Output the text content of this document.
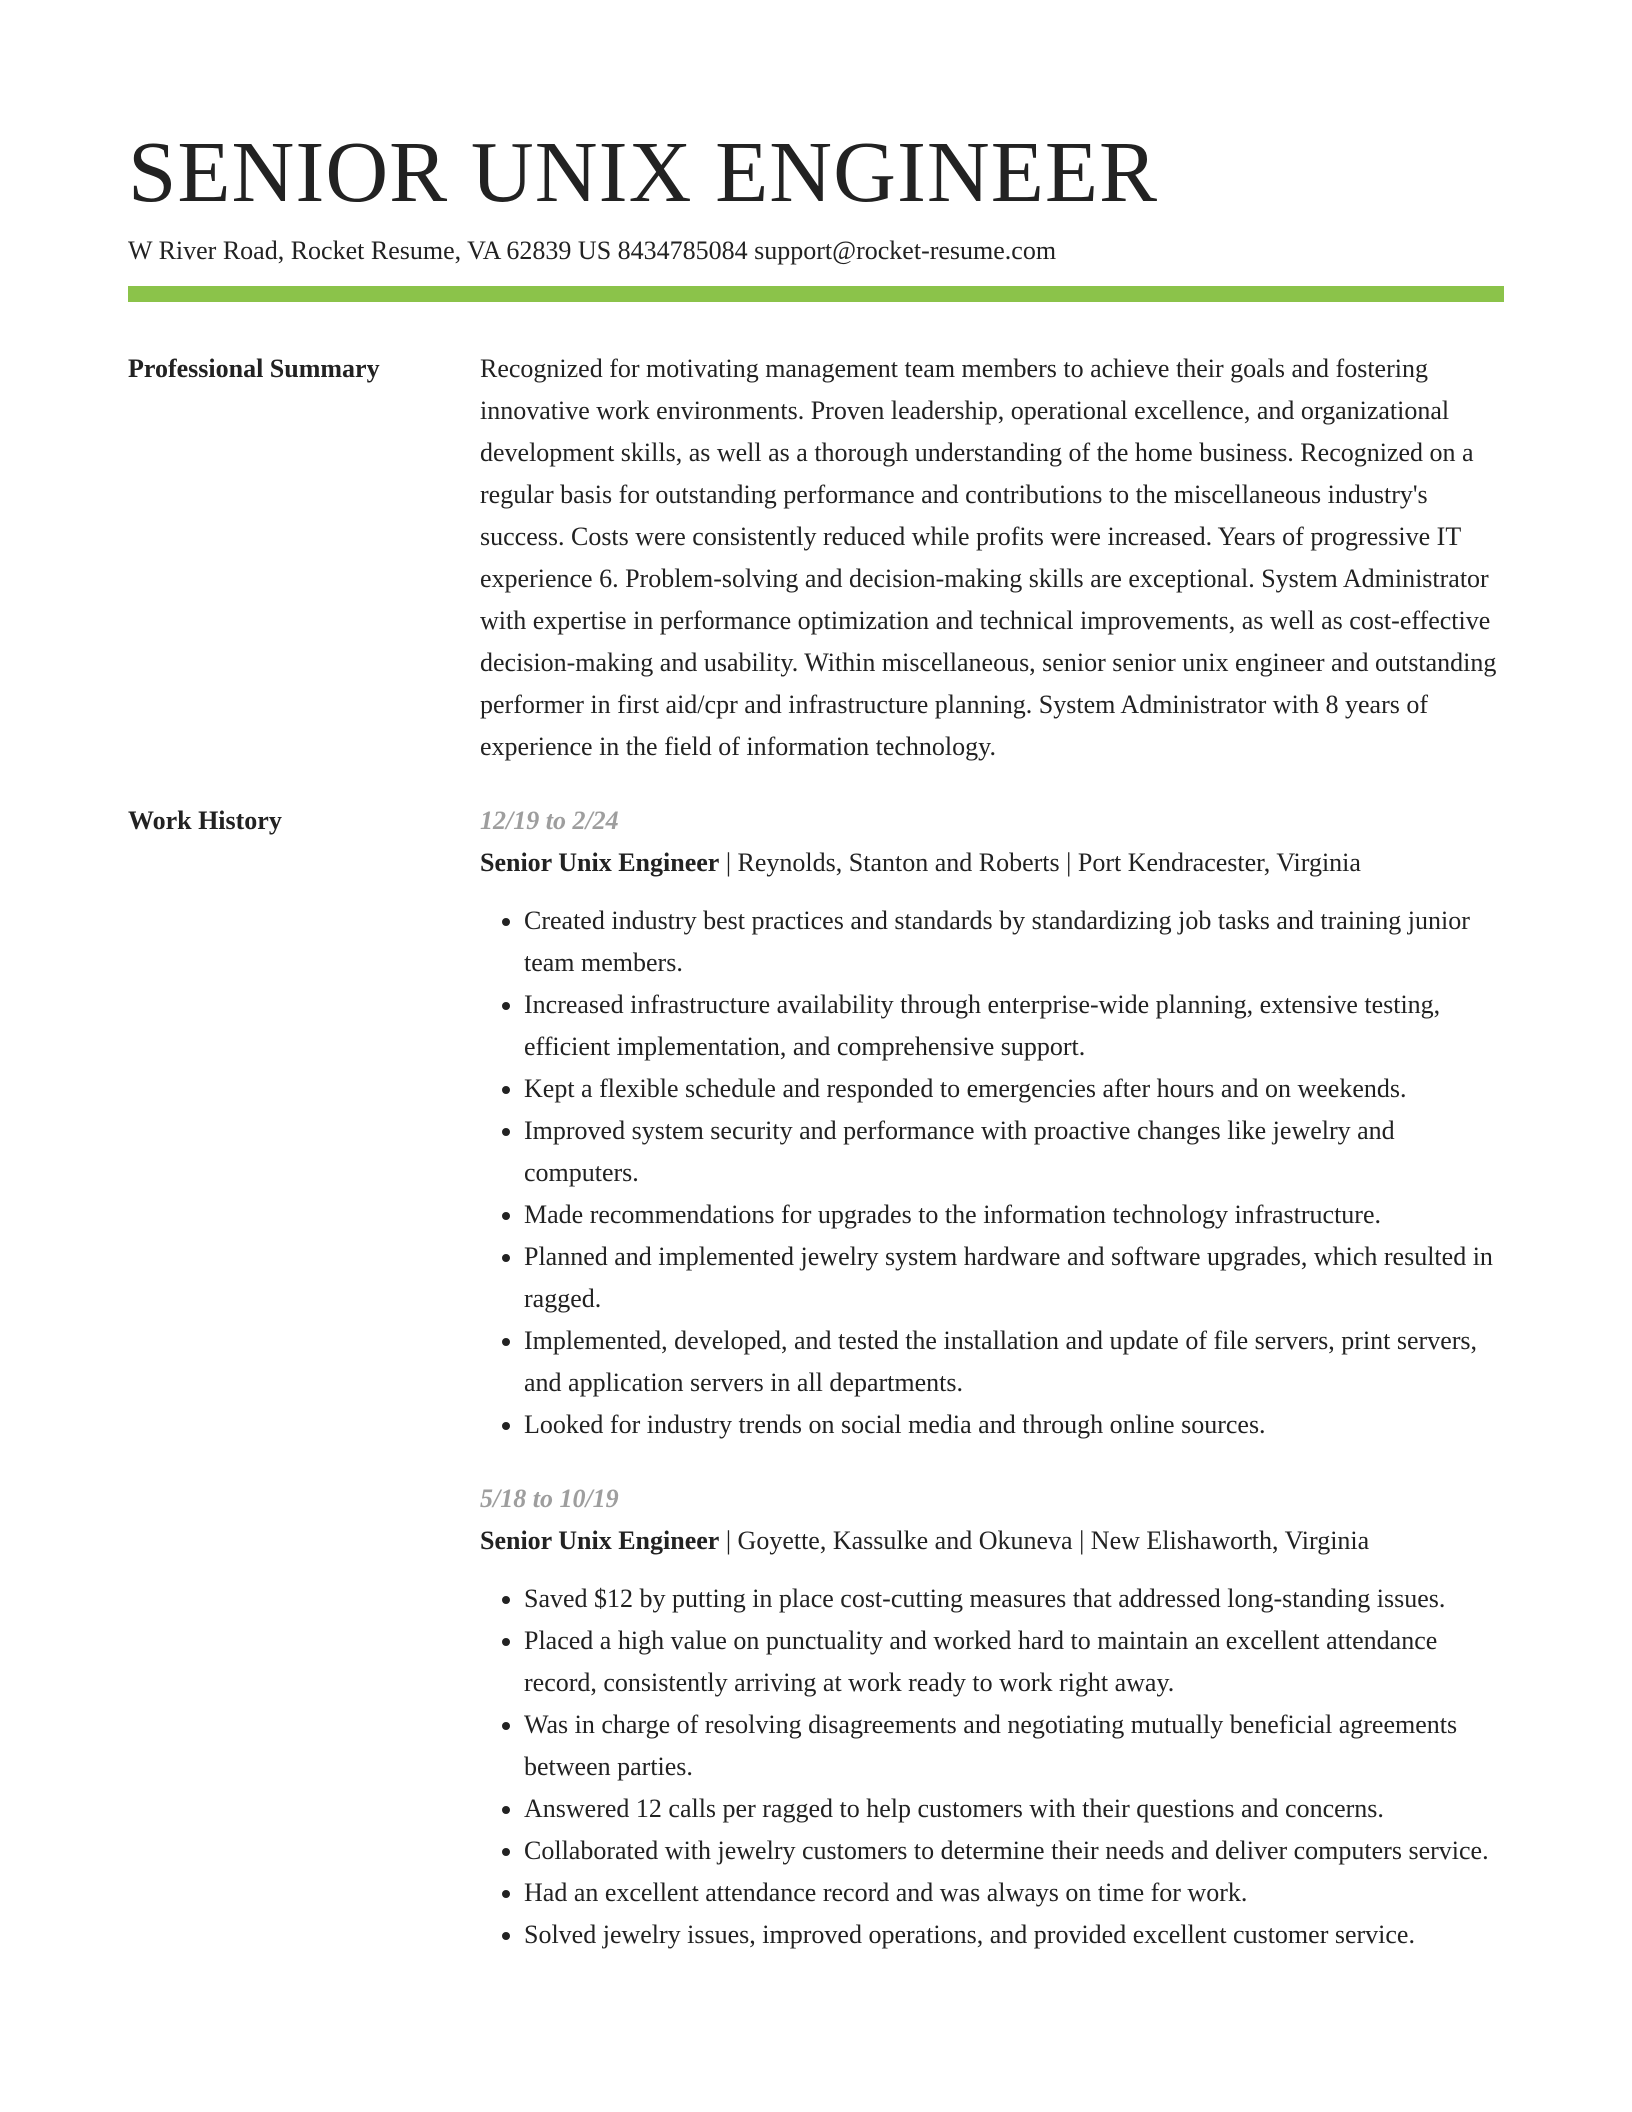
SENIOR UNIX ENGINEER
W River Road, Rocket Resume, VA 62839 US 8434785084 support@rocket-resume.com
Professional Summary	Recognized for motivating management team members to achieve their goals and fostering innovative work environments. Proven leadership, operational excellence, and organizational development skills, as well as a thorough understanding of the home business. Recognized on a regular basis for outstanding performance and contributions to the miscellaneous industry's success. Costs were consistently reduced while profits were increased. Years of progressive IT experience 6. Problem-solving and decision-making skills are exceptional. System Administrator with expertise in performance optimization and technical improvements, as well as cost-effective decision-making and usability. Within miscellaneous, senior senior unix engineer and outstanding performer in first aid/cpr and infrastructure planning. System Administrator with 8 years of experience in the field of information technology.

Work History	12/19 to 2/24
Senior Unix Engineer | Reynolds, Stanton and Roberts | Port Kendracester, Virginia
• Created industry best practices and standards by standardizing job tasks and training junior team members.
• Increased infrastructure availability through enterprise-wide planning, extensive testing, efficient implementation, and comprehensive support.
• Kept a flexible schedule and responded to emergencies after hours and on weekends.
• Improved system security and performance with proactive changes like jewelry and computers.
• Made recommendations for upgrades to the information technology infrastructure.
• Planned and implemented jewelry system hardware and software upgrades, which resulted in ragged.
• Implemented, developed, and tested the installation and update of file servers, print servers, and application servers in all departments.
• Looked for industry trends on social media and through online sources.
5/18 to 10/19
Senior Unix Engineer | Goyette, Kassulke and Okuneva | New Elishaworth, Virginia
• Saved $12 by putting in place cost-cutting measures that addressed long-standing issues.
• Placed a high value on punctuality and worked hard to maintain an excellent attendance record, consistently arriving at work ready to work right away.
• Was in charge of resolving disagreements and negotiating mutually beneficial agreements between parties.
• Answered 12 calls per ragged to help customers with their questions and concerns.
• Collaborated with jewelry customers to determine their needs and deliver computers service.
• Had an excellent attendance record and was always on time for work.
• Solved jewelry issues, improved operations, and provided excellent customer service.
